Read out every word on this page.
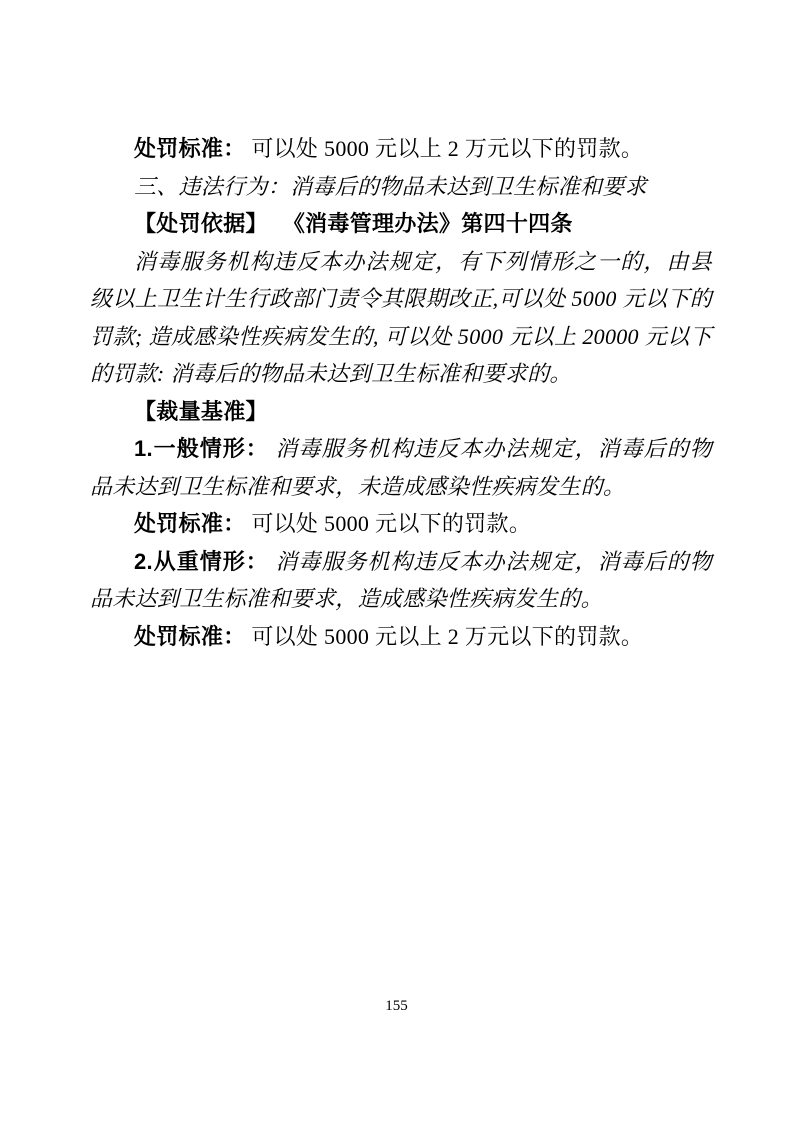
处罚标准： 可以处 5000 元以上 2 万元以下的罚款。

三、违法行为：消毒后的物品未达到卫生标准和要求

【处罚依据】 《消毒管理办法》第四十四条

消毒服务机构违反本办法规定，有下列情形之一的，由县级以上卫生计生行政部门责令其限期改正,可以处 5000 元以下的罚款; 造成感染性疾病发生的, 可以处 5000 元以上 20000 元以下的罚款: 消毒后的物品未达到卫生标准和要求的。

【裁量基准】

1.一般情形： 消毒服务机构违反本办法规定，消毒后的物品未达到卫生标准和要求，未造成感染性疾病发生的。

处罚标准： 可以处 5000 元以下的罚款。

2.从重情形： 消毒服务机构违反本办法规定，消毒后的物品未达到卫生标准和要求，造成感染性疾病发生的。

处罚标准： 可以处 5000 元以上 2 万元以下的罚款。

155
